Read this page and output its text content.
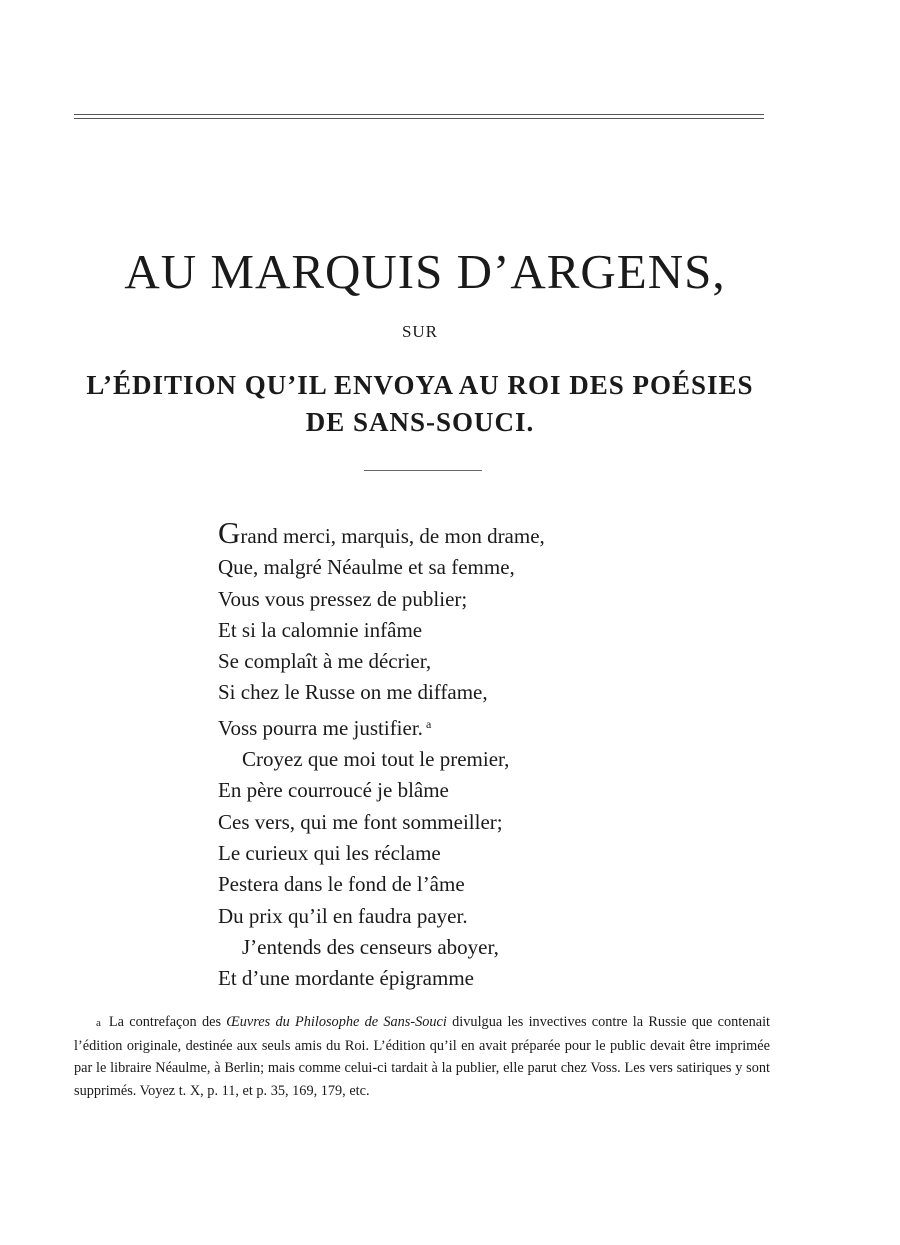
AU MARQUIS D’ARGENS,
SUR
L’ÉDITION QU’IL ENVOYA AU ROI DES POÉSIES
DE SANS-SOUCI.
Grand merci, marquis, de mon drame,
Que, malgré Néaulme et sa femme,
Vous vous pressez de publier;
Et si la calomnie infâme
Se complaît à me décrier,
Si chez le Russe on me diffame,
Voss pourra me justifier. $^a$
Croyez que moi tout le premier,
En père courroucé je blâme
Ces vers, qui me font sommeiller;
Le curieux qui les réclame
Pestera dans le fond de l’âme
Du prix qu’il en faudra payer.
J’entends des censeurs aboyer,
Et d’une mordante épigramme

a La contrefaçon des Œuvres du Philosophe de Sans-Souci divulgua les invectives contre la Russie que contenait l’édition originale, destinée aux seuls amis du Roi. L’édition qu’il en avait préparée pour le public devait être imprimée par le libraire Néaulme, à Berlin; mais comme celui-ci tardait à la publier, elle parut chez Voss. Les vers satiriques y sont supprimés. Voyez t. X, p. 11, et p. 35, 169, 179, etc.
